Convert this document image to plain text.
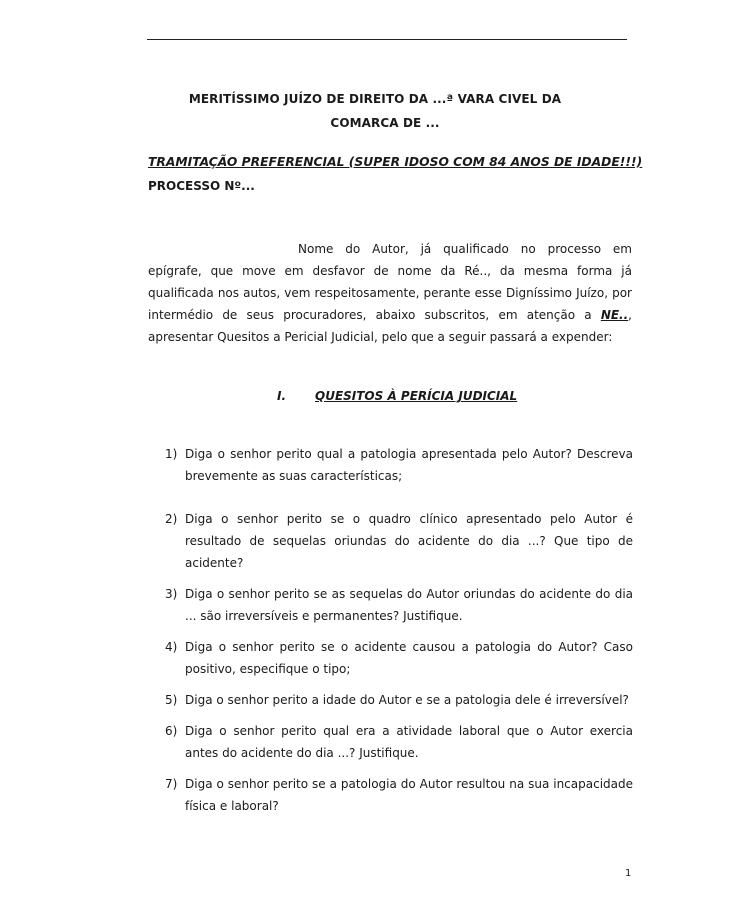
MERITÍSSIMO JUÍZO DE DIREITO DA ...ª VARA CIVEL DA
COMARCA DE ...
TRAMITAÇÃO PREFERENCIAL (SUPER IDOSO COM 84 ANOS DE IDADE!!!)
PROCESSO Nº...
Nome do Autor, já qualificado no processo em epígrafe, que move em desfavor de nome da Ré.., da mesma forma já qualificada nos autos, vem respeitosamente, perante esse Digníssimo Juízo, por intermédio de seus procuradores, abaixo subscritos, em atenção a NE.., apresentar Quesitos a Pericial Judicial, pelo que a seguir passará a expender:
I. QUESITOS À PERÍCIA JUDICIAL
1) Diga o senhor perito qual a patologia apresentada pelo Autor? Descreva brevemente as suas características;
2) Diga o senhor perito se o quadro clínico apresentado pelo Autor é resultado de sequelas oriundas do acidente do dia ...? Que tipo de acidente?
3) Diga o senhor perito se as sequelas do Autor oriundas do acidente do dia ... são irreversíveis e permanentes? Justifique.
4) Diga o senhor perito se o acidente causou a patologia do Autor? Caso positivo, especifique o tipo;
5) Diga o senhor perito a idade do Autor e se a patologia dele é irreversível?
6) Diga o senhor perito qual era a atividade laboral que o Autor exercia antes do acidente do dia ...? Justifique.
7) Diga o senhor perito se a patologia do Autor resultou na sua incapacidade física e laboral?
1
